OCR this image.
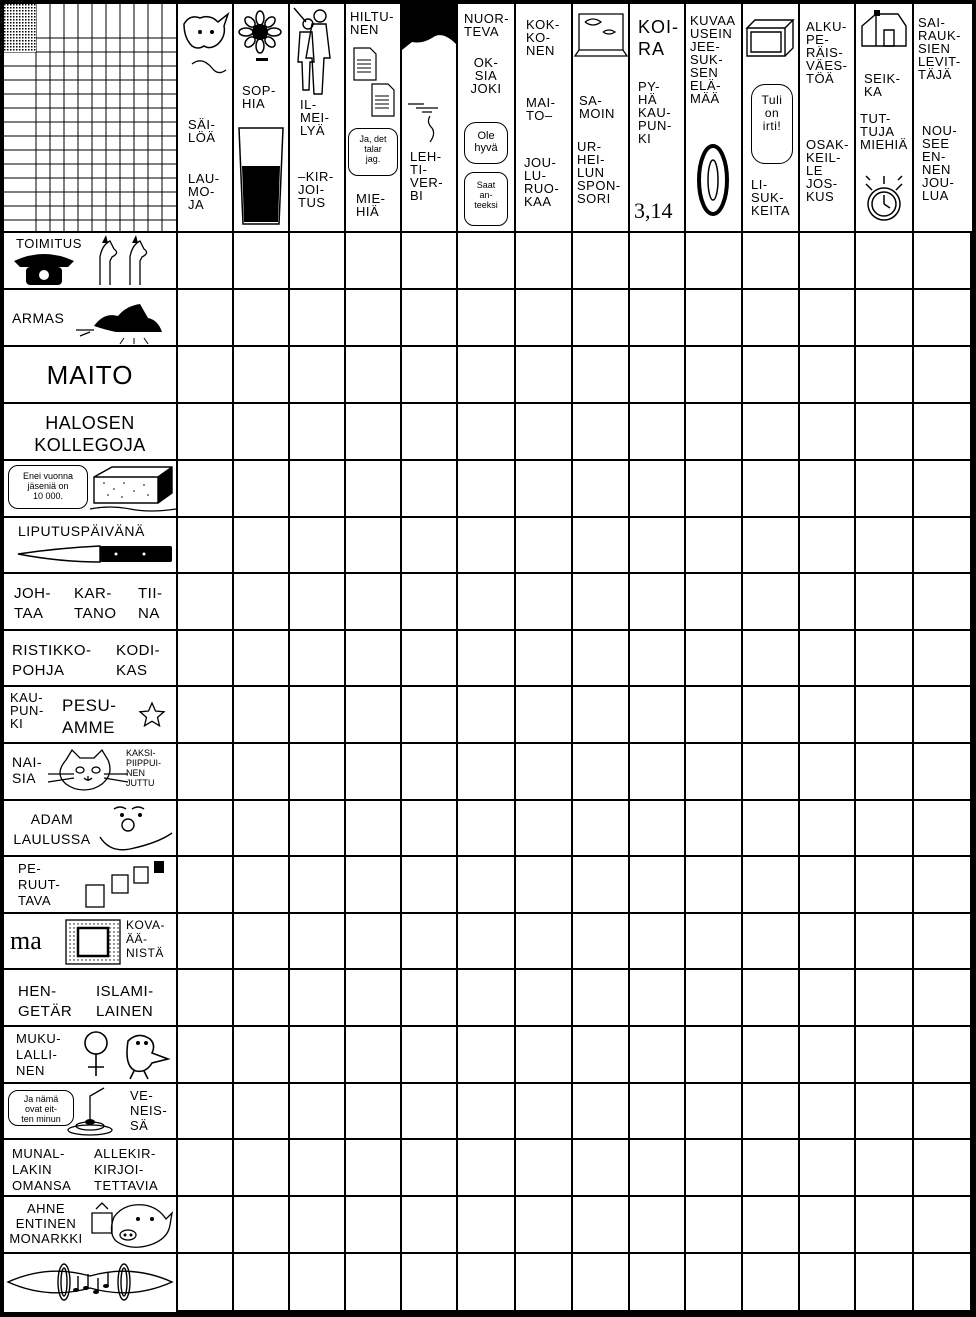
SÄI-
LÖÄ
LAU-
MO-
JA
SOP-
HIA	IL-
MEI-
LYÄ
–KIR-
JOI-
TUS
HILTU-
NEN
Ja, det
talar
jag.
MIE-
HIÄ
LEH-
TI-
VER-
BI
NUOR-
TEVA
OK-
SIA
JOKI
Ole
hyvä
Saat
an-
teeksi
KOK-
KO-
NEN
MAI-
TO–
JOU-
LU-
RUO-
KAA
SA-
MOIN
UR-
HEI-
LUN
SPON-
SORI
KOI-
RA
PY-
HÄ
KAU-
PUN-
KI
3,14
KUVAA
USEIN
JEE-
SUK-
SEN
ELÄ-
MÄÄ	Tuli
on
irti!
LI-
SUK-
KEITA
ALKU-
PE-
RÄIS-
VÄES-
TÖÄ
OSAK-
KEIL-
LE
JOS-
KUS
SEIK-
KA
TUT-
TUJA
MIEHIÄ
SAI-
RAUK-
SIEN
LEVIT-
TÄJÄ
NOU-
SEE
EN-
NEN
JOU-
LUA
TOIMITUS
ARMAS
MAITO
HALOSEN
KOLLEGOJA
Enei vuonna
jäseniä on
10 000.
LIPUTUSPÄIVÄNÄ
JOH-
TAA
KAR-
TANO
TII-
NA
RISTIKKO-
POHJA
KODI-
KAS
KAU-
PUN-
KI
PESU-
AMME
NAI-
SIA
KAKSI-
PIIPPUI-
NEN
JUTTU
ADAM
LAULUSSA
PE-
RUUT-
TAVA
ma
KOVA-
ÄÄ-
NISTÄ
HEN-
GETÄR
ISLAMI-
LAINEN
MUKU-
LALLI-
NEN
Ja nämä
ovat eit-
ten minun
VE-
NEIS-
SÄ
MUNAL-
LAKIN
OMANSA
ALLEKIR-
KIRJOI-
TETTAVIA
AHNE
ENTINEN
MONARKKI
